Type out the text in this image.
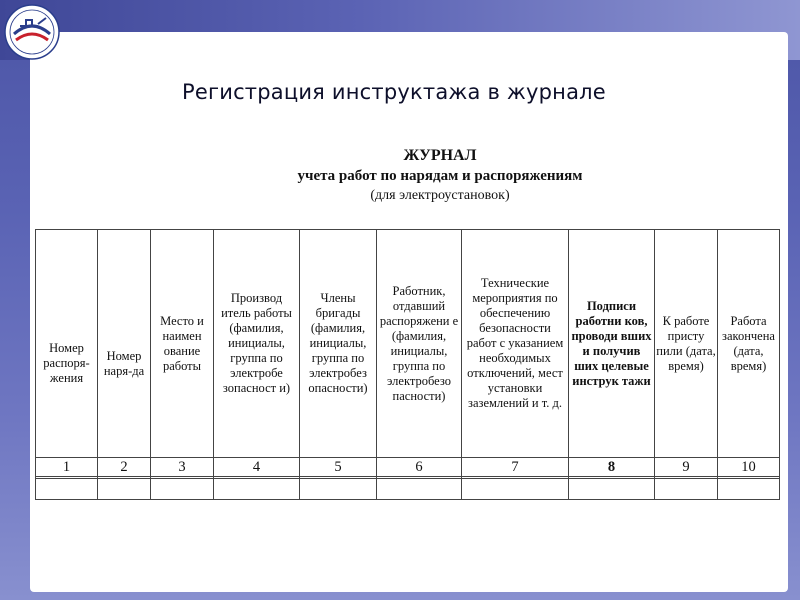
Регистрация инструктажа в журнале
ЖУРНАЛ
учета работ по нарядам и распоряжениям
(для электроустановок)
Номер распоря-жения	Номер наря-да	Место и наимен ование работы	Производ итель работы (фамилия, инициалы, группа по электробе зопасност и)	Члены бригады (фамилия, инициалы, группа по электробез опасности)	Работник, отдавший распоряжени е (фамилия, инициалы, группа по электробезо пасности)	Технические мероприятия по обеспечению безопасности работ с указанием необходимых отключений, мест установки заземлений и т. д.	Подписи работни ков, проводи вших и получив ших целевые инструк тажи	К работе присту пили (дата, время)	Работа закончена (дата, время)
1	2	3	4	5	6	7	8	9	10
